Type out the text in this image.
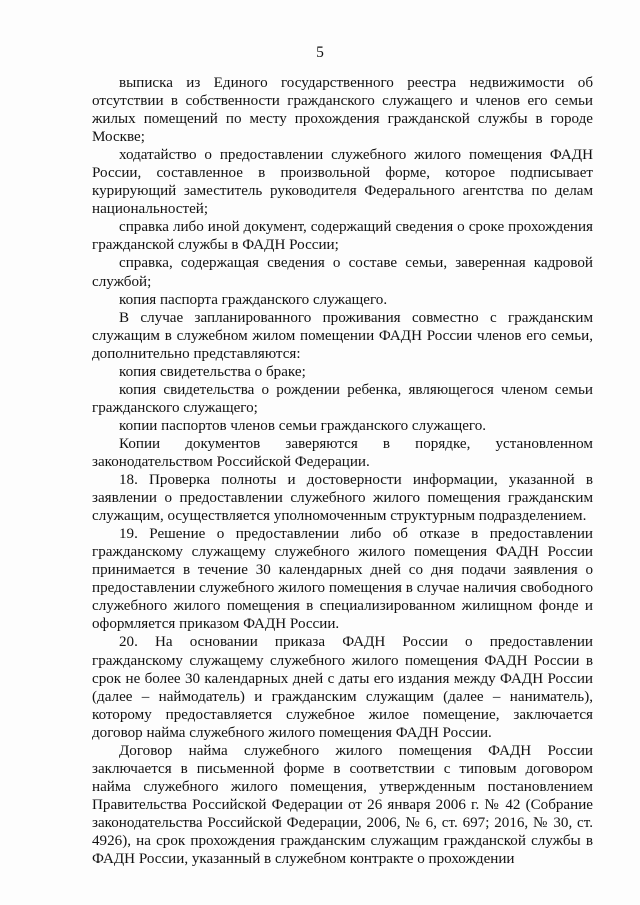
5

выписка из Единого государственного реестра недвижимости об отсутствии в собственности гражданского служащего и членов его семьи жилых помещений по месту прохождения гражданской службы в городе Москве;

ходатайство о предоставлении служебного жилого помещения ФАДН России, составленное в произвольной форме, которое подписывает курирующий заместитель руководителя Федерального агентства по делам национальностей;

справка либо иной документ, содержащий сведения о сроке прохождения гражданской службы в ФАДН России;

справка, содержащая сведения о составе семьи, заверенная кадровой службой;

копия паспорта гражданского служащего.

В случае запланированного проживания совместно с гражданским служащим в служебном жилом помещении ФАДН России членов его семьи, дополнительно представляются:

копия свидетельства о браке;

копия свидетельства о рождении ребенка, являющегося членом семьи гражданского служащего;

копии паспортов членов семьи гражданского служащего.

Копии документов заверяются в порядке, установленном законодательством Российской Федерации.

18. Проверка полноты и достоверности информации, указанной в заявлении о предоставлении служебного жилого помещения гражданским служащим, осуществляется уполномоченным структурным подразделением.

19. Решение о предоставлении либо об отказе в предоставлении гражданскому служащему служебного жилого помещения ФАДН России принимается в течение 30 календарных дней со дня подачи заявления о предоставлении служебного жилого помещения в случае наличия свободного служебного жилого помещения в специализированном жилищном фонде и оформляется приказом ФАДН России.

20. На основании приказа ФАДН России о предоставлении гражданскому служащему служебного жилого помещения ФАДН России в срок не более 30 календарных дней с даты его издания между ФАДН России (далее – наймодатель) и гражданским служащим (далее – наниматель), которому предоставляется служебное жилое помещение, заключается договор найма служебного жилого помещения ФАДН России.

Договор найма служебного жилого помещения ФАДН России заключается в письменной форме в соответствии с типовым договором найма служебного жилого помещения, утвержденным постановлением Правительства Российской Федерации от 26 января 2006 г. № 42 (Собрание законодательства Российской Федерации, 2006, № 6, ст. 697; 2016, № 30, ст. 4926), на срок прохождения гражданским служащим гражданской службы в ФАДН России, указанный в служебном контракте о прохождении
